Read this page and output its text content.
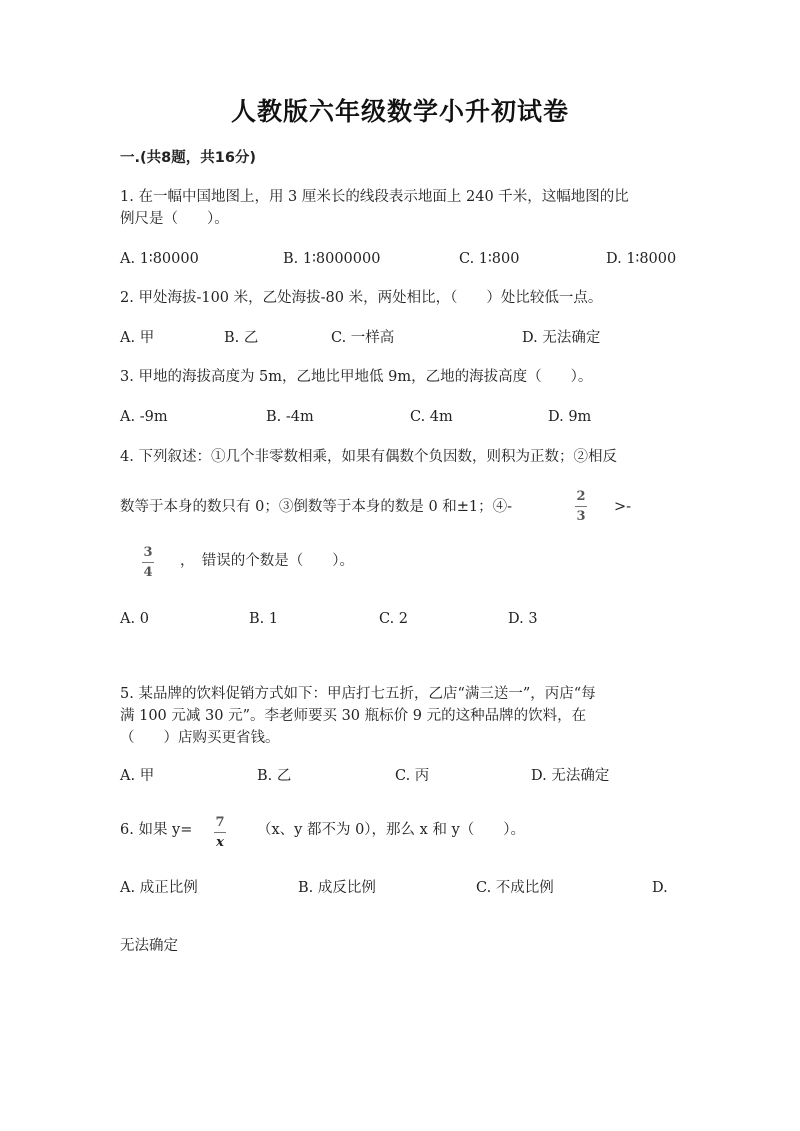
人教版六年级数学小升初试卷
一.(共8题，共16分)
1. 在一幅中国地图上，用 3 厘米长的线段表示地面上 240 千米，这幅地图的比
例尺是（　　）。
A. 1∶80000	B. 1∶8000000	C. 1∶800	D. 1∶8000
2. 甲处海拔-100 米，乙处海拔-80 米，两处相比，（　　）处比较低一点。
A. 甲	B. 乙	C. 一样高	D. 无法确定
3. 甲地的海拔高度为 5m，乙地比甲地低 9m，乙地的海拔高度（　　）。
A. -9m	B. -4m	C. 4m	D. 9m
4. 下列叙述：①几个非零数相乘，如果有偶数个负因数，则积为正数；②相反
数等于本身的数只有 0；③倒数等于本身的数是 0 和±1；④-
2
3
>-
3
4
，　错误的个数是（　　）。
A. 0	B. 1	C. 2	D. 3
5. 某品牌的饮料促销方式如下：甲店打七五折，乙店“满三送一”，丙店“每
满 100 元减 30 元”。李老师要买 30 瓶标价 9 元的这种品牌的饮料，在
（　　）店购买更省钱。
A. 甲	B. 乙	C. 丙	D. 无法确定
6. 如果 y= 7
x
（x、y 都不为 0），那么 x 和 y（　　）。
A. 成正比例	B. 成反比例	C. 不成比例	D.
无法确定
